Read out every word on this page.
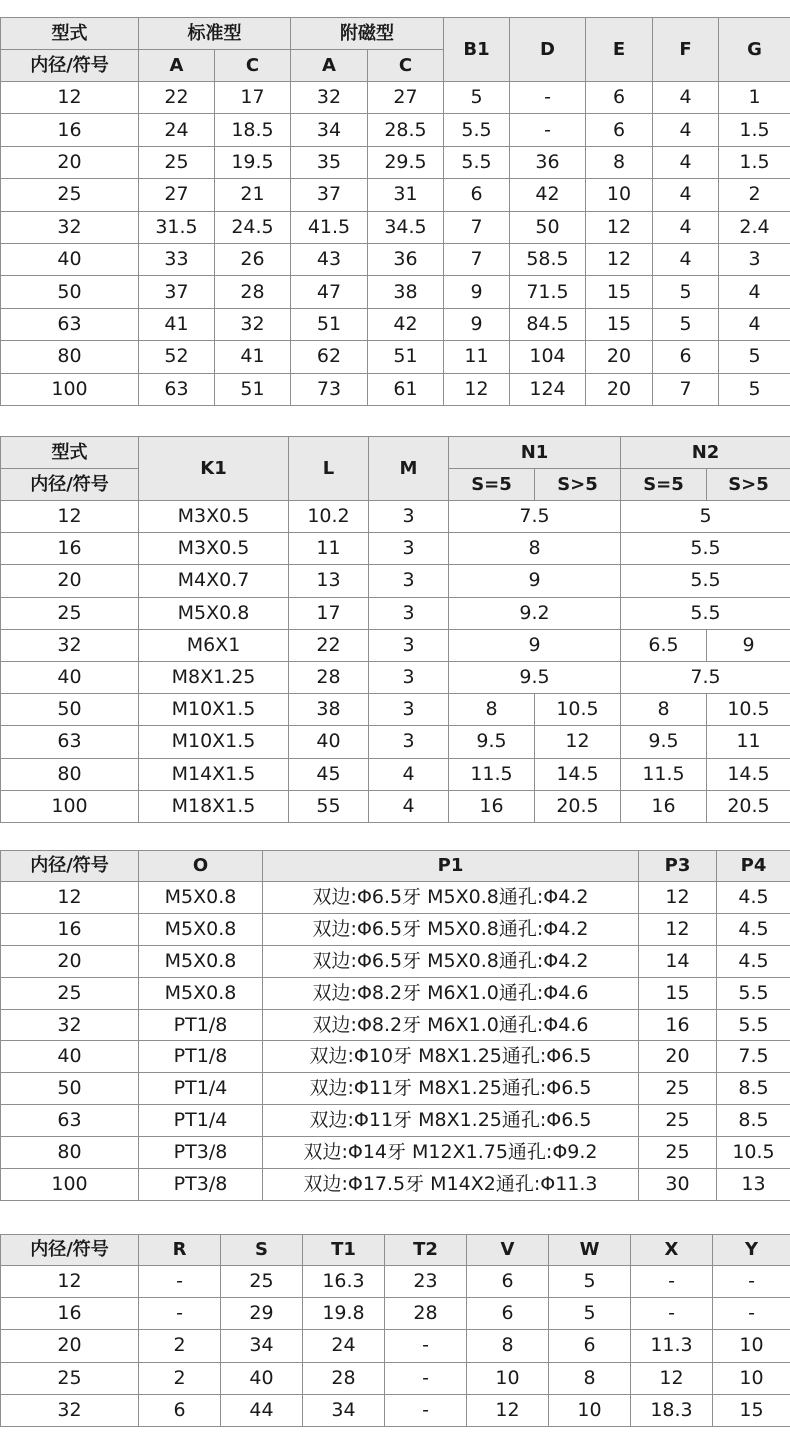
型式	标准型		附磁型		B1	D	E	F	G
内径/符号	A	C	A	C					
12	22	17	32	27	5	-	6	4	1
16	24	18.5	34	28.5	5.5	-	6	4	1.5
20	25	19.5	35	29.5	5.5	36	8	4	1.5
25	27	21	37	31	6	42	10	4	2
32	31.5	24.5	41.5	34.5	7	50	12	4	2.4
40	33	26	43	36	7	58.5	12	4	3
50	37	28	47	38	9	71.5	15	5	4
63	41	32	51	42	9	84.5	15	5	4
80	52	41	62	51	11	104	20	6	5
100	63	51	73	61	12	124	20	7	5
型式	K1	L	M	N1		N2	
内径/符号				S=5	S>5	S=5	S>5
12	M3X0.5	10.2	3	7.5		5	
16	M3X0.5	11	3	8		5.5	
20	M4X0.7	13	3	9		5.5	
25	M5X0.8	17	3	9.2		5.5	
32	M6X1	22	3	9		6.5	9
40	M8X1.25	28	3	9.5		7.5	
50	M10X1.5	38	3	8	10.5	8	10.5
63	M10X1.5	40	3	9.5	12	9.5	11
80	M14X1.5	45	4	11.5	14.5	11.5	14.5
100	M18X1.5	55	4	16	20.5	16	20.5
内径/符号	O	P1	P3	P4
12	M5X0.8	双边:Φ6.5牙 M5X0.8通孔:Φ4.2	12	4.5
16	M5X0.8	双边:Φ6.5牙 M5X0.8通孔:Φ4.2	12	4.5
20	M5X0.8	双边:Φ6.5牙 M5X0.8通孔:Φ4.2	14	4.5
25	M5X0.8	双边:Φ8.2牙 M6X1.0通孔:Φ4.6	15	5.5
32	PT1/8	双边:Φ8.2牙 M6X1.0通孔:Φ4.6	16	5.5
40	PT1/8	双边:Φ10牙 M8X1.25通孔:Φ6.5	20	7.5
50	PT1/4	双边:Φ11牙 M8X1.25通孔:Φ6.5	25	8.5
63	PT1/4	双边:Φ11牙 M8X1.25通孔:Φ6.5	25	8.5
80	PT3/8	双边:Φ14牙 M12X1.75通孔:Φ9.2	25	10.5
100	PT3/8	双边:Φ17.5牙 M14X2通孔:Φ11.3	30	13
内径/符号	R	S	T1	T2	V	W	X	Y
12	-	25	16.3	23	6	5	-	-
16	-	29	19.8	28	6	5	-	-
20	2	34	24	-	8	6	11.3	10
25	2	40	28	-	10	8	12	10
32	6	44	34	-	12	10	18.3	15
